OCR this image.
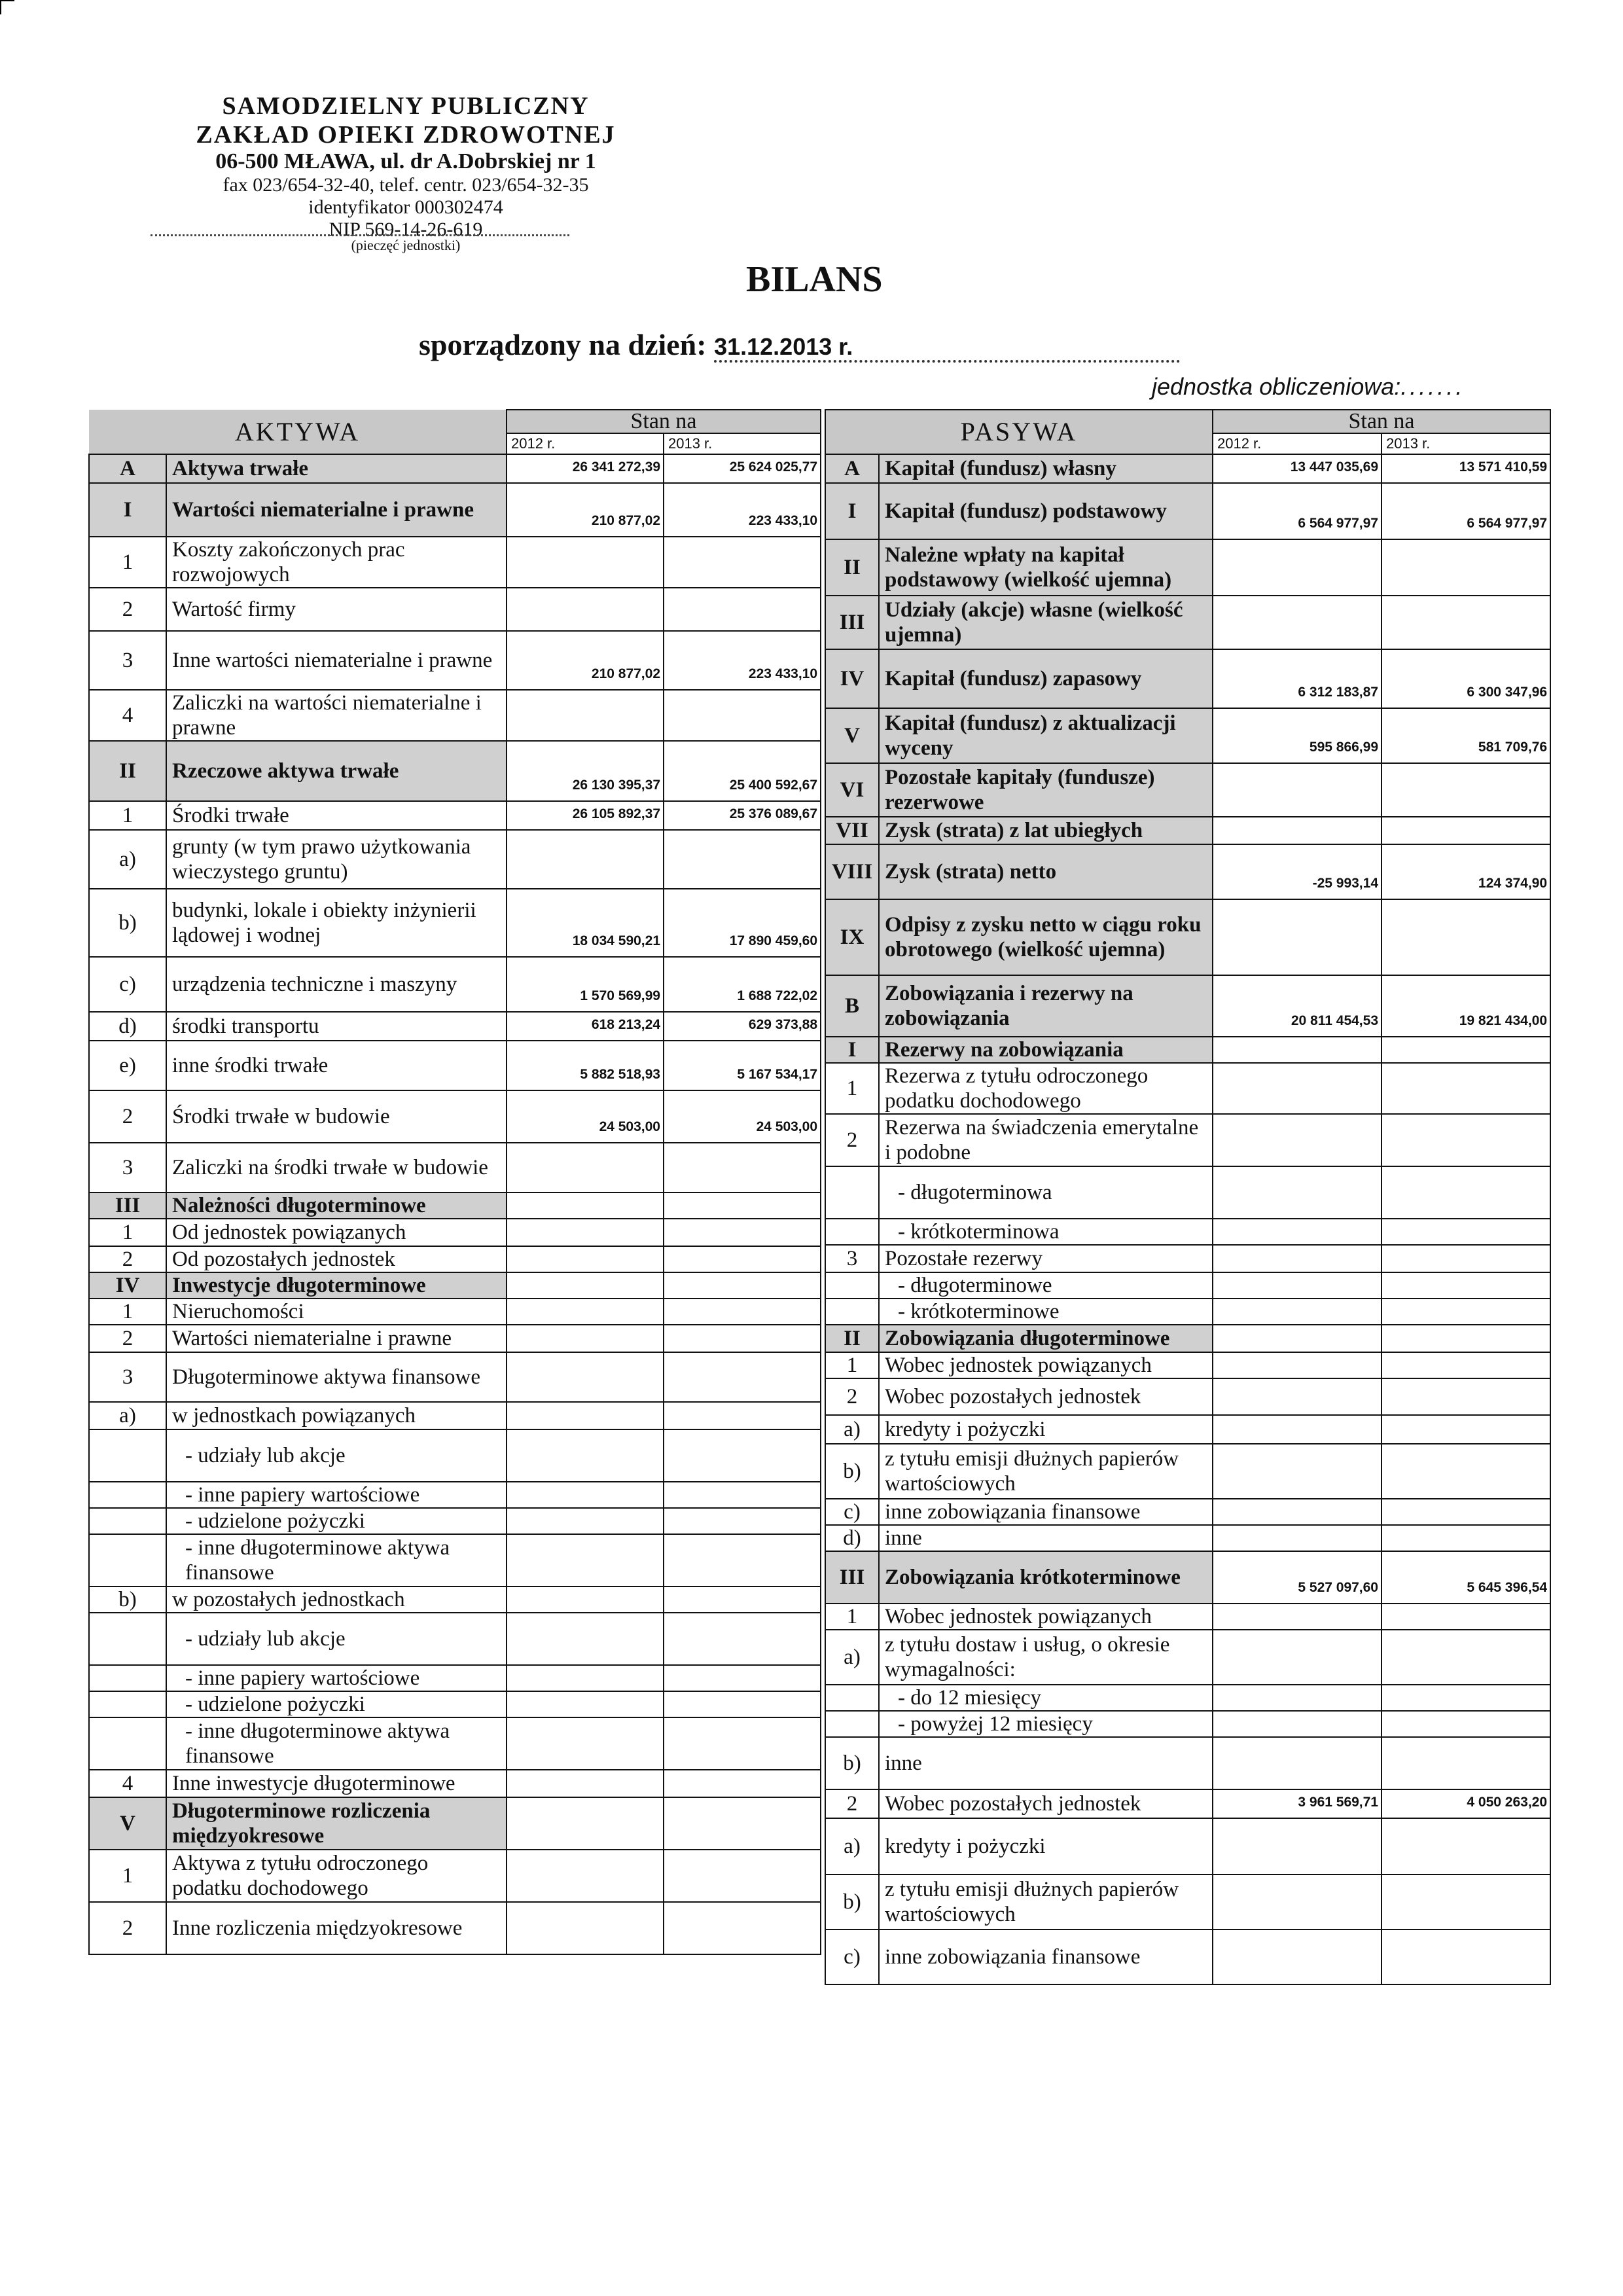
SAMODZIELNY PUBLICZNY
ZAKŁAD OPIEKI ZDROWOTNEJ
06-500 MŁAWA, ul. dr A.Dobrskiej nr 1
fax 023/654-32-40, telef. centr. 023/654-32-35
identyfikator 000302474
NIP 569-14-26-619
(pieczęć jednostki)
BILANS
sporządzony na dzień: 31.12.2013 r.
jednostka obliczeniowa:.......
AKTYWA		Stan na	
		2012 r.	2013 r.
A	Aktywa trwałe	26 341 272,39	25 624 025,77
I	Wartości niematerialne i prawne	210 877,02	223 433,10
1	Koszty zakończonych prac rozwojowych		
2	Wartość firmy		
3	Inne wartości niematerialne i prawne	210 877,02	223 433,10
4	Zaliczki na wartości niematerialne i prawne		
II	Rzeczowe aktywa trwałe	26 130 395,37	25 400 592,67
1	Środki trwałe	26 105 892,37	25 376 089,67
a)	grunty (w tym prawo użytkowania wieczystego gruntu)		
b)	budynki, lokale i obiekty inżynierii lądowej i wodnej	18 034 590,21	17 890 459,60
c)	urządzenia techniczne i maszyny	1 570 569,99	1 688 722,02
d)	środki transportu	618 213,24	629 373,88
e)	inne środki trwałe	5 882 518,93	5 167 534,17
2	Środki trwałe w budowie	24 503,00	24 503,00
3	Zaliczki na środki trwałe w budowie		
III	Należności długoterminowe		
1	Od jednostek powiązanych		
2	Od pozostałych jednostek		
IV	Inwestycje długoterminowe		
1	Nieruchomości		
2	Wartości niematerialne i prawne		
3	Długoterminowe aktywa finansowe		
a)	w jednostkach powiązanych		
	- udziały lub akcje		
	- inne papiery wartościowe		
	- udzielone pożyczki		
	- inne długoterminowe aktywa finansowe		
b)	w pozostałych jednostkach		
	- udziały lub akcje		
	- inne papiery wartościowe		
	- udzielone pożyczki		
	- inne długoterminowe aktywa finansowe		
4	Inne inwestycje długoterminowe		
V	Długoterminowe rozliczenia międzyokresowe		
1	Aktywa z tytułu odroczonego podatku dochodowego		
2	Inne rozliczenia międzyokresowe		
PASYWA		Stan na	
		2012 r.	2013 r.
A	Kapitał (fundusz) własny	13 447 035,69	13 571 410,59
I	Kapitał (fundusz) podstawowy	6 564 977,97	6 564 977,97
II	Należne wpłaty na kapitał podstawowy (wielkość ujemna)		
III	Udziały (akcje) własne (wielkość ujemna)		
IV	Kapitał (fundusz) zapasowy	6 312 183,87	6 300 347,96
V	Kapitał (fundusz) z aktualizacji wyceny	595 866,99	581 709,76
VI	Pozostałe kapitały (fundusze) rezerwowe		
VII	Zysk (strata) z lat ubiegłych		
VIII	Zysk (strata) netto	-25 993,14	124 374,90
IX	Odpisy z zysku netto w ciągu roku obrotowego (wielkość ujemna)		
B	Zobowiązania i rezerwy na zobowiązania	20 811 454,53	19 821 434,00
I	Rezerwy na zobowiązania		
1	Rezerwa z tytułu odroczonego podatku dochodowego		
2	Rezerwa na świadczenia emerytalne i podobne		
	- długoterminowa		
	- krótkoterminowa		
3	Pozostałe rezerwy		
	- długoterminowe		
	- krótkoterminowe		
II	Zobowiązania długoterminowe		
1	Wobec jednostek powiązanych		
2	Wobec pozostałych jednostek		
a)	kredyty i pożyczki		
b)	z tytułu emisji dłużnych papierów wartościowych		
c)	inne zobowiązania finansowe		
d)	inne		
III	Zobowiązania krótkoterminowe	5 527 097,60	5 645 396,54
1	Wobec jednostek powiązanych		
a)	z tytułu dostaw i usług, o okresie wymagalności:		
	- do 12 miesięcy		
	- powyżej 12 miesięcy		
b)	inne		
2	Wobec pozostałych jednostek	3 961 569,71	4 050 263,20
a)	kredyty i pożyczki		
b)	z tytułu emisji dłużnych papierów wartościowych		
c)	inne zobowiązania finansowe		
